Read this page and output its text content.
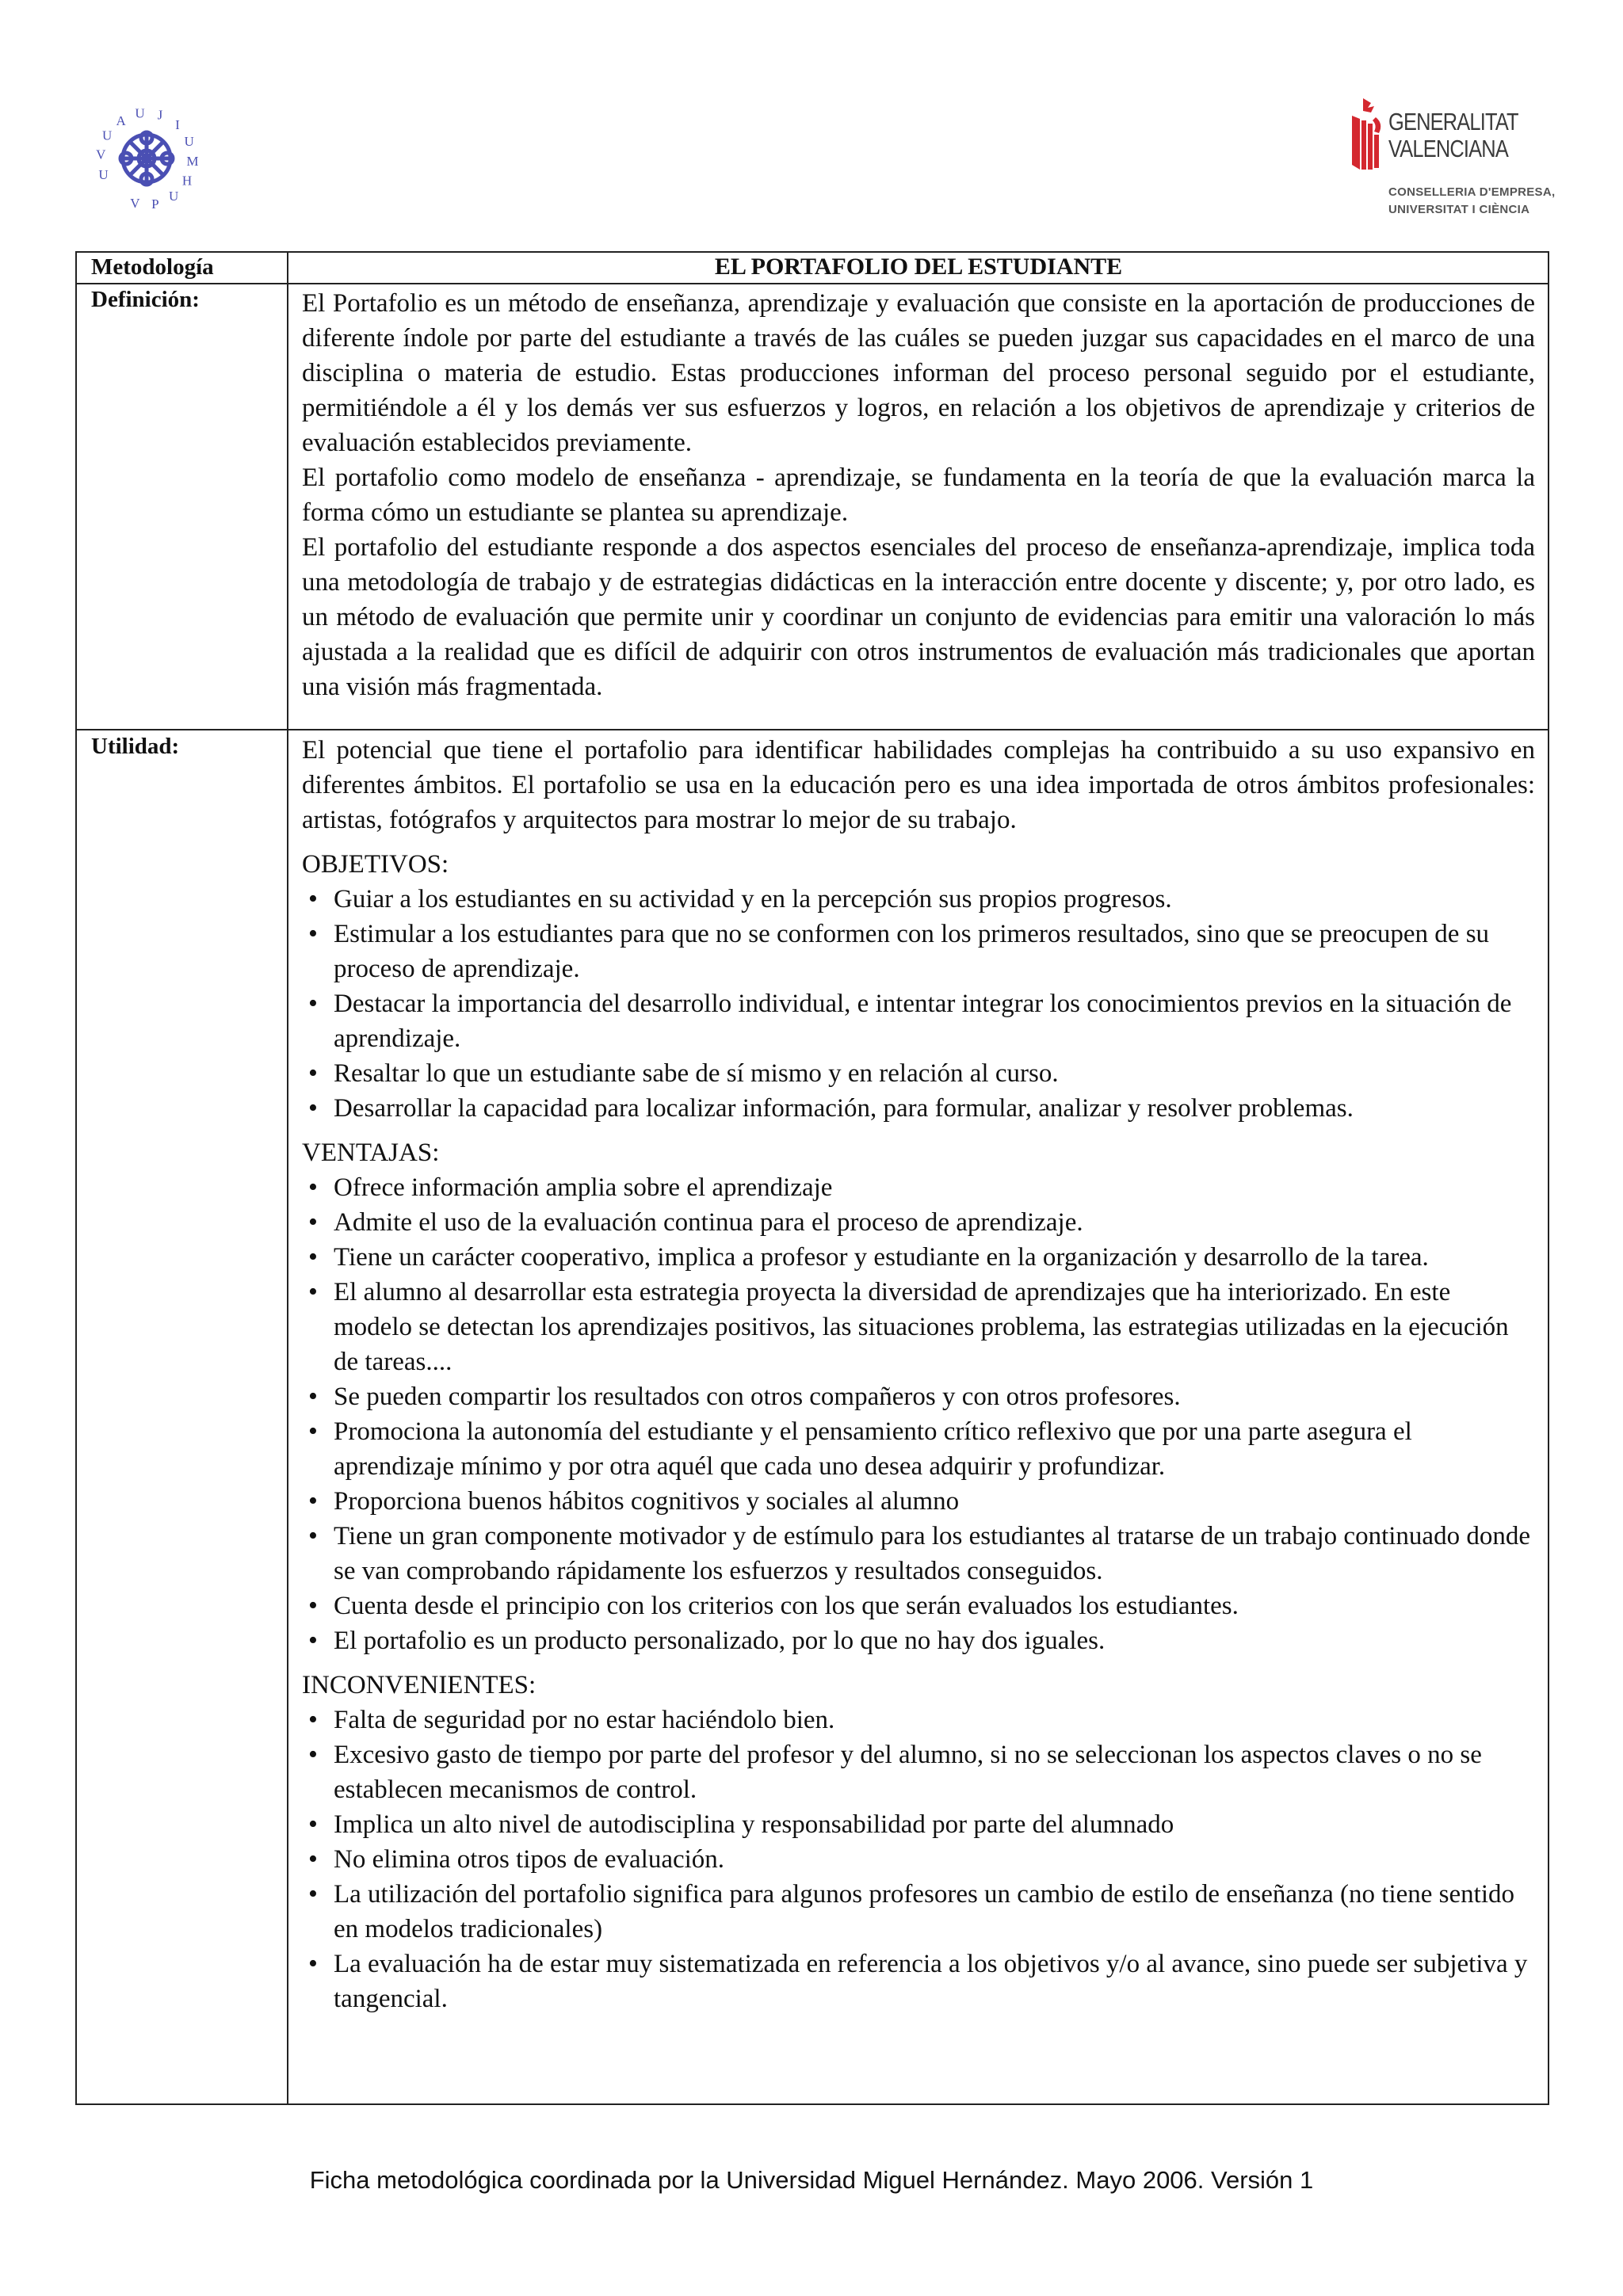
U
V
U
A U J
I
U
M
H
U
P
V
GENERALITAT
VALENCIANA
CONSELLERIA D'EMPRESA,
UNIVERSITAT I CIÈNCIA
Metodología	EL PORTAFOLIO DEL ESTUDIANTE
Definición:	El Portafolio es un método de enseñanza, aprendizaje y evaluación que consiste en la aportación de producciones de diferente índole por parte del estudiante a través de las cuáles se pueden juzgar sus capacidades en el marco de una disciplina o materia de estudio. Estas producciones informan del proceso personal seguido por el estudiante, permitiéndole a él y los demás ver sus esfuerzos y logros, en relación a los objetivos de aprendizaje y criterios de evaluación establecidos previamente.

El portafolio como modelo de enseñanza - aprendizaje, se fundamenta en la teoría de que la evaluación marca la forma cómo un estudiante se plantea su aprendizaje.

El portafolio del estudiante responde a dos aspectos esenciales del proceso de enseñanza-aprendizaje, implica toda una metodología de trabajo y de estrategias didácticas en la interacción entre docente y discente; y, por otro lado, es un método de evaluación que permite unir y coordinar un conjunto de evidencias para emitir una valoración lo más ajustada a la realidad que es difícil de adquirir con otros instrumentos de evaluación más tradicionales que aportan una visión más fragmentada.

Utilidad:	El potencial que tiene el portafolio para identificar habilidades complejas ha contribuido a su uso expansivo en diferentes ámbitos. El portafolio se usa en la educación pero es una idea importada de otros ámbitos profesionales: artistas, fotógrafos y arquitectos para mostrar lo mejor de su trabajo.

OBJETIVOS:

• Guiar a los estudiantes en su actividad y en la percepción sus propios progresos.
• Estimular a los estudiantes para que no se conformen con los primeros resultados, sino que se preocupen de su proceso de aprendizaje.
• Destacar la importancia del desarrollo individual, e intentar integrar los conocimientos previos en la situación de aprendizaje.
• Resaltar lo que un estudiante sabe de sí mismo y en relación al curso.
• Desarrollar la capacidad para localizar información, para formular, analizar y resolver problemas.

VENTAJAS:

• Ofrece información amplia sobre el aprendizaje
• Admite el uso de la evaluación continua para el proceso de aprendizaje.
• Tiene un carácter cooperativo, implica a profesor y estudiante en la organización y desarrollo de la tarea.
• El alumno al desarrollar esta estrategia proyecta la diversidad de aprendizajes que ha interiorizado. En este modelo se detectan los aprendizajes positivos, las situaciones problema, las estrategias utilizadas en la ejecución de tareas....
• Se pueden compartir los resultados con otros compañeros y con otros profesores.
• Promociona la autonomía del estudiante y el pensamiento crítico reflexivo que por una parte asegura el aprendizaje mínimo y por otra aquél que cada uno desea adquirir y profundizar.
• Proporciona buenos hábitos cognitivos y sociales al alumno
• Tiene un gran componente motivador y de estímulo para los estudiantes al tratarse de un trabajo continuado donde se van comprobando rápidamente los esfuerzos y resultados conseguidos.
• Cuenta desde el principio con los criterios con los que serán evaluados los estudiantes.
• El portafolio es un producto personalizado, por lo que no hay dos iguales.

INCONVENIENTES:

• Falta de seguridad por no estar haciéndolo bien.
• Excesivo gasto de tiempo por parte del profesor y del alumno, si no se seleccionan los aspectos claves o no se establecen mecanismos de control.
• Implica un alto nivel de autodisciplina y responsabilidad por parte del alumnado
• No elimina otros tipos de evaluación.
• La utilización del portafolio significa para algunos profesores un cambio de estilo de enseñanza (no tiene sentido en modelos tradicionales)
• La evaluación ha de estar muy sistematizada en referencia a los objetivos y/o al avance, sino puede ser subjetiva y tangencial.
Ficha metodológica coordinada por la Universidad Miguel Hernández. Mayo 2006. Versión 1
